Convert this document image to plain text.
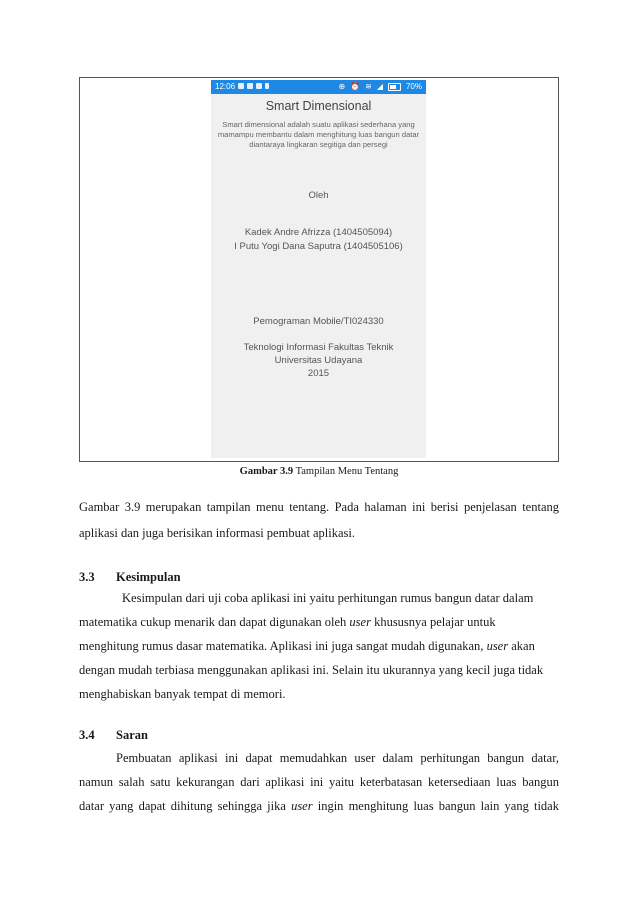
12:06	⊕ ⏰ ≋ ◢	70%
Smart Dimensional
Smart dimensional adalah suatu aplikasi sederhana yang mamampu membantu dalam menghitung luas bangun datar diantaraya lingkaran segitiga dan persegi
Oleh
Kadek Andre Afrizza (1404505094)
I Putu Yogi Dana Saputra (1404505106)
Pemograman Mobile/TI024330
Teknologi Informasi Fakultas Teknik
Universitas Udayana
2015
Gambar 3.9 Tampilan Menu Tentang
Gambar 3.9 merupakan tampilan menu tentang. Pada halaman ini berisi penjelasan tentang
aplikasi dan juga berisikan informasi pembuat aplikasi.
3.3 Kesimpulan
Kesimpulan dari uji coba aplikasi ini yaitu perhitungan rumus bangun datar dalam
matematika cukup menarik dan dapat digunakan oleh user khususnya pelajar untuk
menghitung rumus dasar matematika. Aplikasi ini juga sangat mudah digunakan, user akan
dengan mudah terbiasa menggunakan aplikasi ini. Selain itu ukurannya yang kecil juga tidak
menghabiskan banyak tempat di memori.
3.4 Saran
Pembuatan aplikasi ini dapat memudahkan user dalam perhitungan bangun datar,
namun salah satu kekurangan dari aplikasi ini yaitu keterbatasan ketersediaan luas bangun
datar yang dapat dihitung sehingga jika user ingin menghitung luas bangun lain yang tidak
